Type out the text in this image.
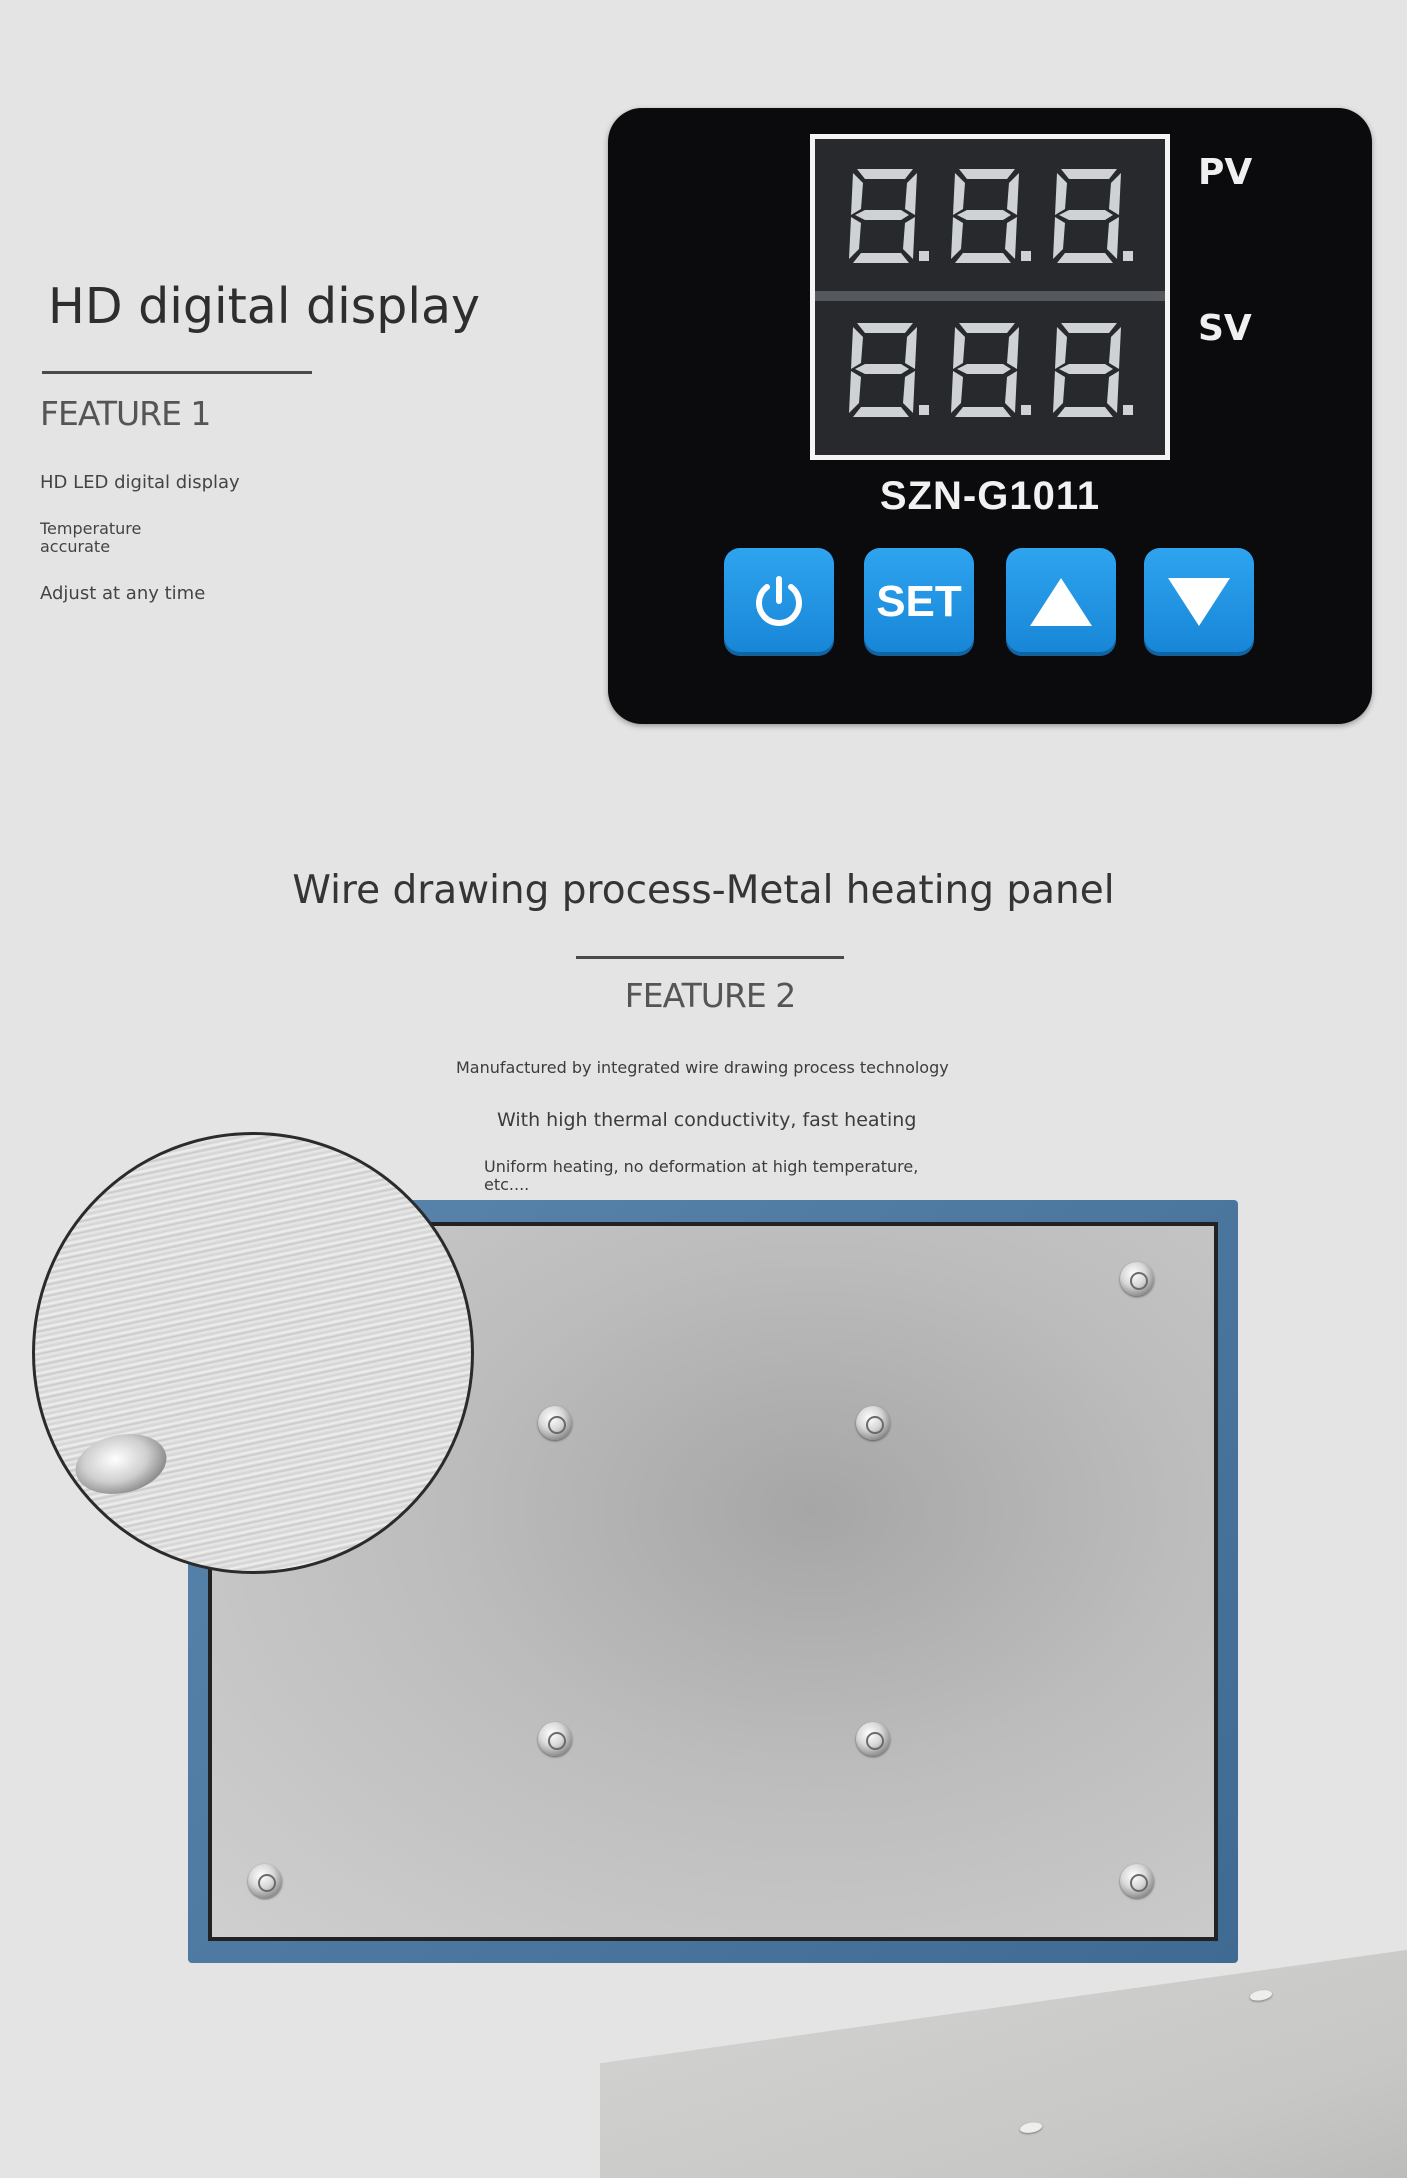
HD digital display
FEATURE 1
HD LED digital display
Temperature accurate
Adjust at any time
PV
SV
SZN-G1011
SET
Wire drawing process-Metal heating panel
FEATURE 2
Manufactured by integrated wire drawing process technology
With high thermal conductivity, fast heating
Uniform heating, no deformation at high temperature, etc....
